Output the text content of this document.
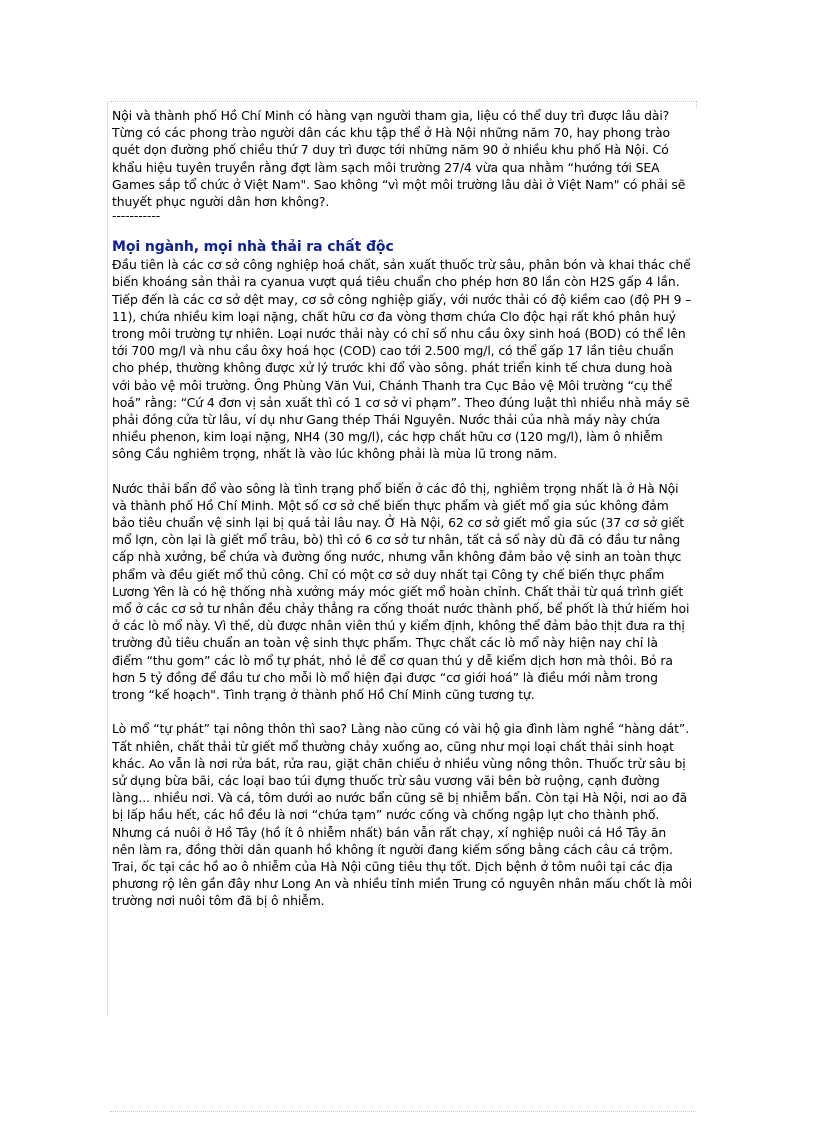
Nội và thành phố Hồ Chí Minh có hàng vạn người tham gia, liệu có thể duy trì được lâu dài? Từng có các phong trào người dân các khu tập thể ở Hà Nội những năm 70, hay phong trào quét dọn đường phố chiều thứ 7 duy trì được tới những năm 90 ở nhiều khu phố Hà Nội. Có khẩu hiệu tuyên truyền rằng đợt làm sạch môi trường 27/4 vừa qua nhằm “hướng tới SEA Games sắp tổ chức ở Việt Nam". Sao không “vì một môi trường lâu dài ở Việt Nam" có phải sẽ thuyết phục người dân hơn không?.

-----------
Mọi ngành, mọi nhà thải ra chất độc

Đầu tiên là các cơ sở công nghiệp hoá chất, sản xuất thuốc trừ sâu, phân bón và khai thác chế biến khoáng sản thải ra cyanua vượt quá tiêu chuẩn cho phép hơn 80 lần còn H2S gấp 4 lần. Tiếp đến là các cơ sở dệt may, cơ sở công nghiệp giấy, với nước thải có độ kiềm cao (độ PH 9 – 11), chứa nhiều kim loại nặng, chất hữu cơ đa vòng thơm chứa Clo độc hại rất khó phân huỷ trong môi trường tự nhiên. Loại nước thải này có chỉ số nhu cầu ôxy sinh hoá (BOD) có thể lên tới 700 mg/l và nhu cầu ôxy hoá học (COD) cao tới 2.500 mg/l, có thể gấp 17 lần tiêu chuẩn cho phép, thường không được xử lý trước khi đổ vào sông. phát triển kinh tế chưa dung hoà với bảo vệ môi trường. Ông Phùng Văn Vui, Chánh Thanh tra Cục Bảo vệ Môi trường “cụ thể hoá” rằng: “Cứ 4 đơn vị sản xuất thì có 1 cơ sở vi phạm”. Theo đúng luật thì nhiều nhà máy sẽ phải đóng cửa từ lâu, ví dụ như Gang thép Thái Nguyên. Nước thải của nhà máy này chứa nhiều phenon, kim loại nặng, NH4 (30 mg/l), các hợp chất hữu cơ (120 mg/l), làm ô nhiễm sông Cầu nghiêm trọng, nhất là vào lúc không phải là mùa lũ trong năm.

Nước thải bẩn đổ vào sông là tình trạng phổ biến ở các đô thị, nghiêm trọng nhất là ở Hà Nội và thành phố Hồ Chí Minh. Một số cơ sở chế biến thực phẩm và giết mổ gia súc không đảm bảo tiêu chuẩn vệ sinh lại bị quá tải lâu nay. Ở Hà Nội, 62 cơ sở giết mổ gia súc (37 cơ sở giết mổ lợn, còn lại là giết mổ trâu, bò) thì có 6 cơ sở tư nhân, tất cả số này dù đã có đầu tư nâng cấp nhà xưởng, bể chứa và đường ống nước, nhưng vẫn không đảm bảo vệ sinh an toàn thực phẩm và đều giết mổ thủ công. Chỉ có một cơ sở duy nhất tại Công ty chế biến thực phẩm Lương Yên là có hệ thống nhà xưởng máy móc giết mổ hoàn chỉnh. Chất thải từ quá trình giết mổ ở các cơ sở tư nhân đều chảy thẳng ra cống thoát nước thành phố, bể phốt là thứ hiếm hoi ở các lò mổ này. Vì thế, dù được nhân viên thú y kiểm định, không thể đảm bảo thịt đưa ra thị trường đủ tiêu chuẩn an toàn vệ sinh thực phẩm. Thực chất các lò mổ này hiện nay chỉ là điểm “thu gom” các lò mổ tự phát, nhỏ lẻ để cơ quan thú y dễ kiểm dịch hơn mà thôi. Bỏ ra hơn 5 tỷ đồng để đầu tư cho mỗi lò mổ hiện đại được “cơ giới hoá” là điều mới nằm trong trong “kế hoạch". Tình trạng ở thành phố Hồ Chí Minh cũng tương tự.

Lò mổ “tự phát” tại nông thôn thì sao? Làng nào cũng có vài hộ gia đình làm nghề “hàng dát”. Tất nhiên, chất thải từ giết mổ thường chảy xuống ao, cũng như mọi loại chất thải sinh hoạt khác. Ao vẫn là nơi rửa bát, rửa rau, giặt chăn chiếu ở nhiều vùng nông thôn. Thuốc trừ sâu bị sử dụng bừa bãi, các loại bao túi đựng thuốc trừ sâu vương vãi bên bờ ruộng, cạnh đường làng... nhiều nơi. Và cá, tôm dưới ao nước bẩn cũng sẽ bị nhiễm bẩn. Còn tại Hà Nội, nơi ao đã bị lấp hầu hết, các hồ đều là nơi “chứa tạm” nước cống và chống ngập lụt cho thành phố. Nhưng cá nuôi ở Hồ Tây (hồ ít ô nhiễm nhất) bán vẫn rất chạy, xí nghiệp nuôi cá Hồ Tây ăn nên làm ra, đồng thời dân quanh hồ không ít người đang kiếm sống bằng cách câu cá trộm. Trai, ốc tại các hồ ao ô nhiễm của Hà Nội cũng tiêu thụ tốt. Dịch bệnh ở tôm nuôi tại các địa phương rộ lên gần đây như Long An và nhiều tỉnh miền Trung có nguyên nhân mấu chốt là môi trường nơi nuôi tôm đã bị ô nhiễm.
